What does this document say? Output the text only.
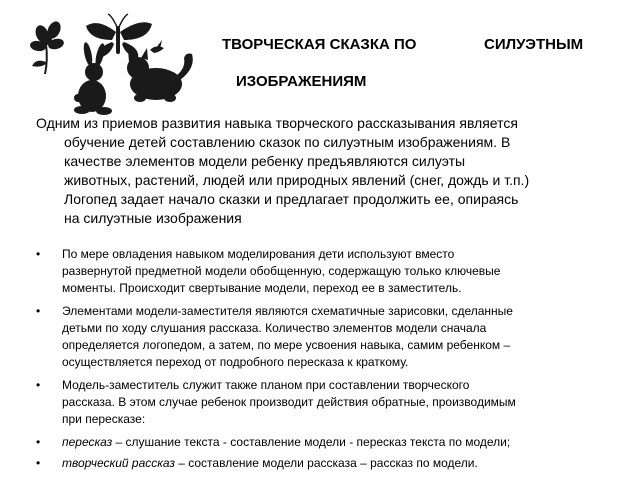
ТВОРЧЕСКАЯ СКАЗКА ПО	СИЛУЭТНЫМ
ИЗОБРАЖЕНИЯМ
Одним из приемов развития навыка творческого рассказывания является
обучение детей составлению сказок по силуэтным изображениям. В
качестве элементов модели ребенку предъявляются силуэты
животных, растений, людей или природных явлений (снег, дождь и т.п.)
Логопед задает начало сказки и предлагает продолжить ее, опираясь
на силуэтные изображения
• По мере овладения навыком моделирования дети используют вместо
развернутой предметной модели обобщенную, содержащую только ключевые
моменты. Происходит свертывание модели, переход ее в заместитель.
• Элементами модели-заместителя являются схематичные зарисовки, сделанные
детьми по ходу слушания рассказа. Количество элементов модели сначала
определяется логопедом, а затем, по мере усвоения навыка, самим ребенком –
осуществляется переход от подробного пересказа к краткому.
• Модель-заместитель служит также планом при составлении творческого
рассказа. В этом случае ребенок производит действия обратные, производимым
при пересказе:
• пересказ – слушание текста - составление модели - пересказ текста по модели;
• творческий рассказ – составление модели рассказа – рассказ по модели.
